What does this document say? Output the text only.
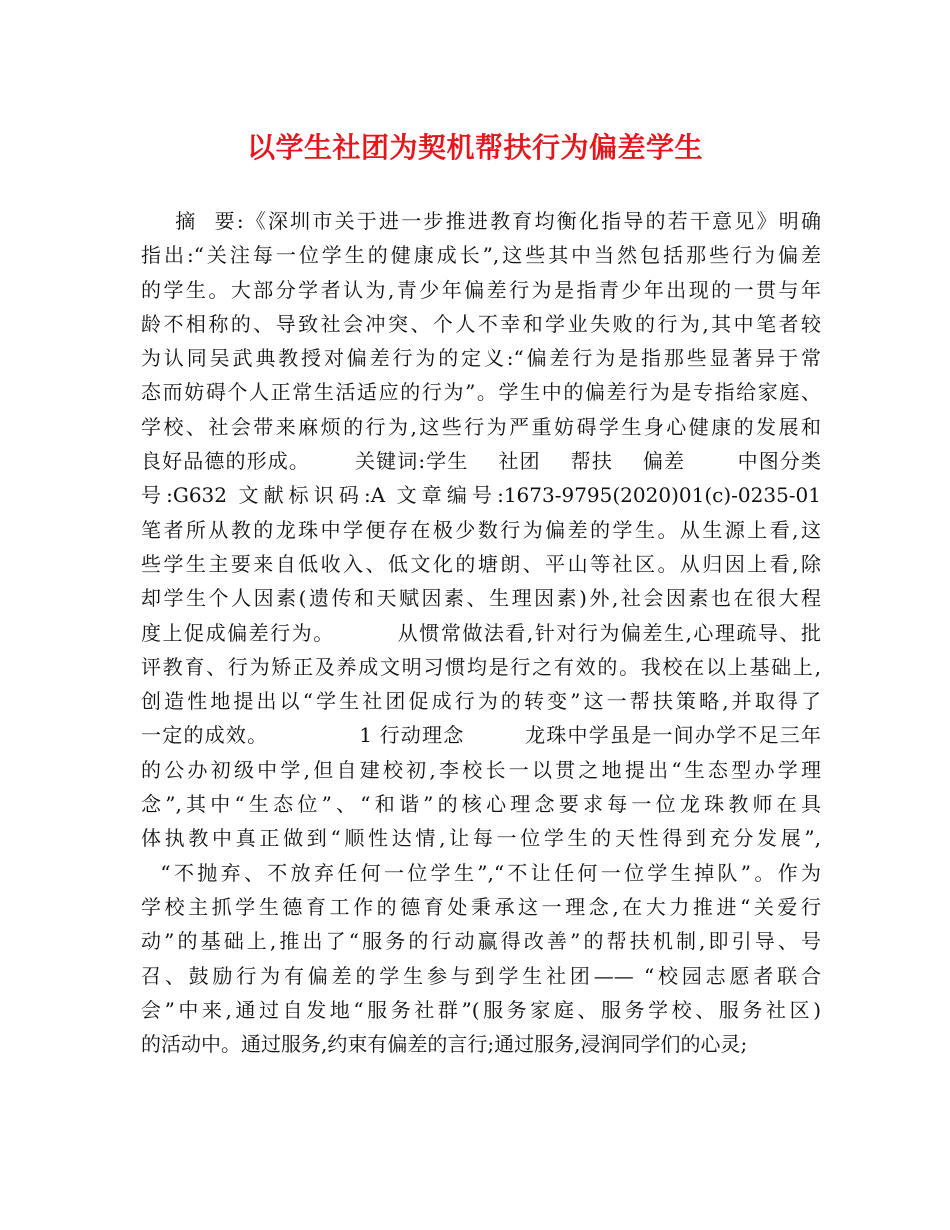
以学生社团为契机帮扶行为偏差学生
摘  要:《深圳市关于进一步推进教育均衡化指导的若干意见》明确
指出:“关注每一位学生的健康成长”,这些其中当然包括那些行为偏差
的学生。大部分学者认为,青少年偏差行为是指青少年出现的一贯与年
龄不相称的、导致社会冲突、个人不幸和学业失败的行为,其中笔者较
为认同吴武典教授对偏差行为的定义:“偏差行为是指那些显著异于常
态而妨碍个人正常生活适应的行为”。学生中的偏差行为是专指给家庭、
学校、社会带来麻烦的行为,这些行为严重妨碍学生身心健康的发展和
良好品德的形成。      关键词:学生    社团    帮扶    偏差       中图分类
号:G632 文献标识码:A 文章编号:1673-9795(2020)01(c)-0235-01
笔者所从教的龙珠中学便存在极少数行为偏差的学生。从生源上看,这
些学生主要来自低收入、低文化的塘朗、平山等社区。从归因上看,除
却学生个人因素(遗传和天赋因素、生理因素)外,社会因素也在很大程
度上促成偏差行为。        从惯常做法看,针对行为偏差生,心理疏导、批
评教育、行为矫正及养成文明习惯均是行之有效的。我校在以上基础上,
创造性地提出以“学生社团促成行为的转变”这一帮扶策略,并取得了
一定的成效。            1 行动理念        龙珠中学虽是一间办学不足三年
的公办初级中学,但自建校初,李校长一以贯之地提出“生态型办学理
念”,其中“生态位”、“和谐”的核心理念要求每一位龙珠教师在具
体执教中真正做到“顺性达情,让每一位学生的天性得到充分发展”,
“不抛弃、不放弃任何一位学生”,“不让任何一位学生掉队”。作为
学校主抓学生德育工作的德育处秉承这一理念,在大力推进“关爱行
动”的基础上,推出了“服务的行动赢得改善”的帮扶机制,即引导、号
召、鼓励行为有偏差的学生参与到学生社团—— “校园志愿者联合
会”中来,通过自发地“服务社群”(服务家庭、服务学校、服务社区)
的活动中。通过服务,约束有偏差的言行;通过服务,浸润同学们的心灵;
